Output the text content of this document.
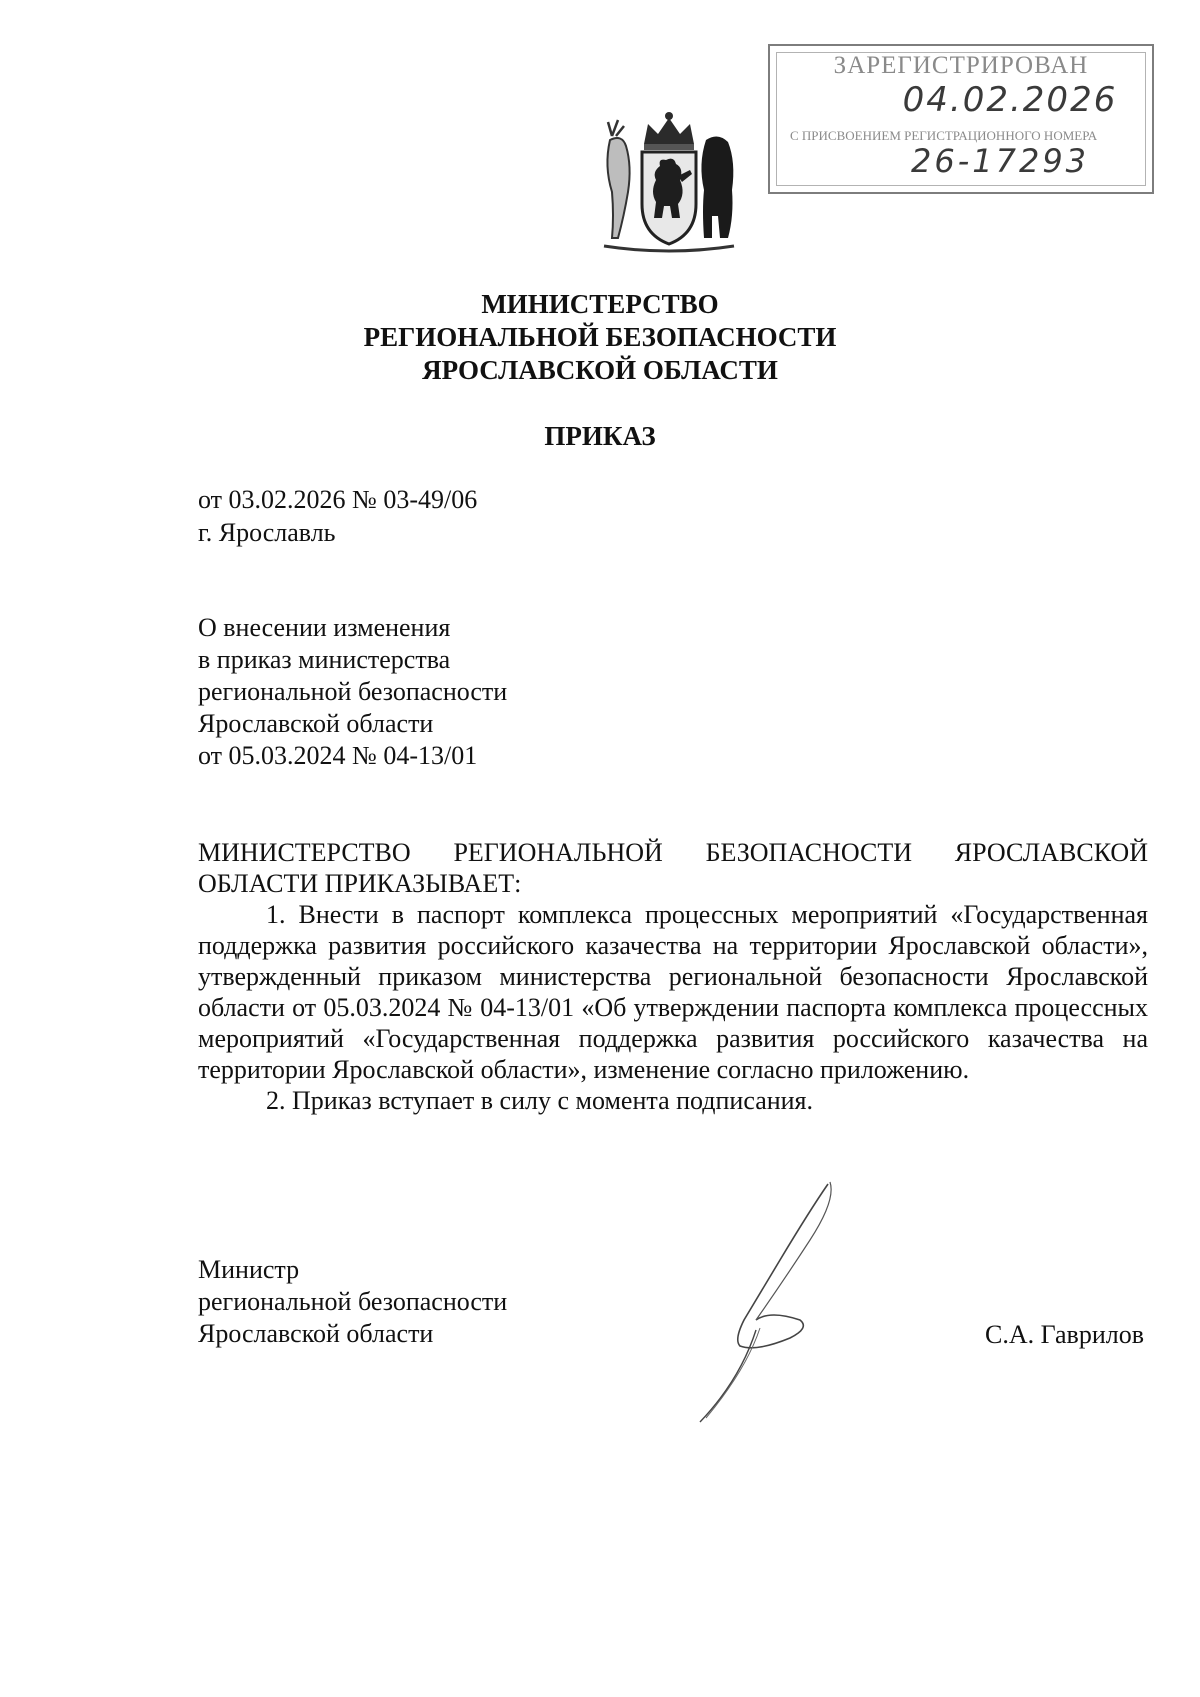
ЗАРЕГИСТРИРОВАН
04.02.2026
С ПРИСВОЕНИЕМ РЕГИСТРАЦИОННОГО НОМЕРА
26-17293
МИНИСТЕРСТВО
РЕГИОНАЛЬНОЙ БЕЗОПАСНОСТИ
ЯРОСЛАВСКОЙ ОБЛАСТИ
ПРИКАЗ
от 03.02.2026 № 03-49/06
г. Ярославль
О внесении изменения
в приказ министерства
региональной безопасности
Ярославской области
от 05.03.2024 № 04-13/01
МИНИСТЕРСТВО РЕГИОНАЛЬНОЙ БЕЗОПАСНОСТИ ЯРОСЛАВСКОЙ

ОБЛАСТИ ПРИКАЗЫВАЕТ:

1. Внести в паспорт комплекса процессных мероприятий «Государственная поддержка развития российского казачества на территории Ярославской области», утвержденный приказом министерства региональной безопасности Ярославской области от 05.03.2024 № 04-13/01 «Об утверждении паспорта комплекса процессных мероприятий «Государственная поддержка развития российского казачества на территории Ярославской области», изменение согласно приложению.

2. Приказ вступает в силу с момента подписания.

Министр
региональной безопасности
Ярославской области	С.А. Гаврилов
